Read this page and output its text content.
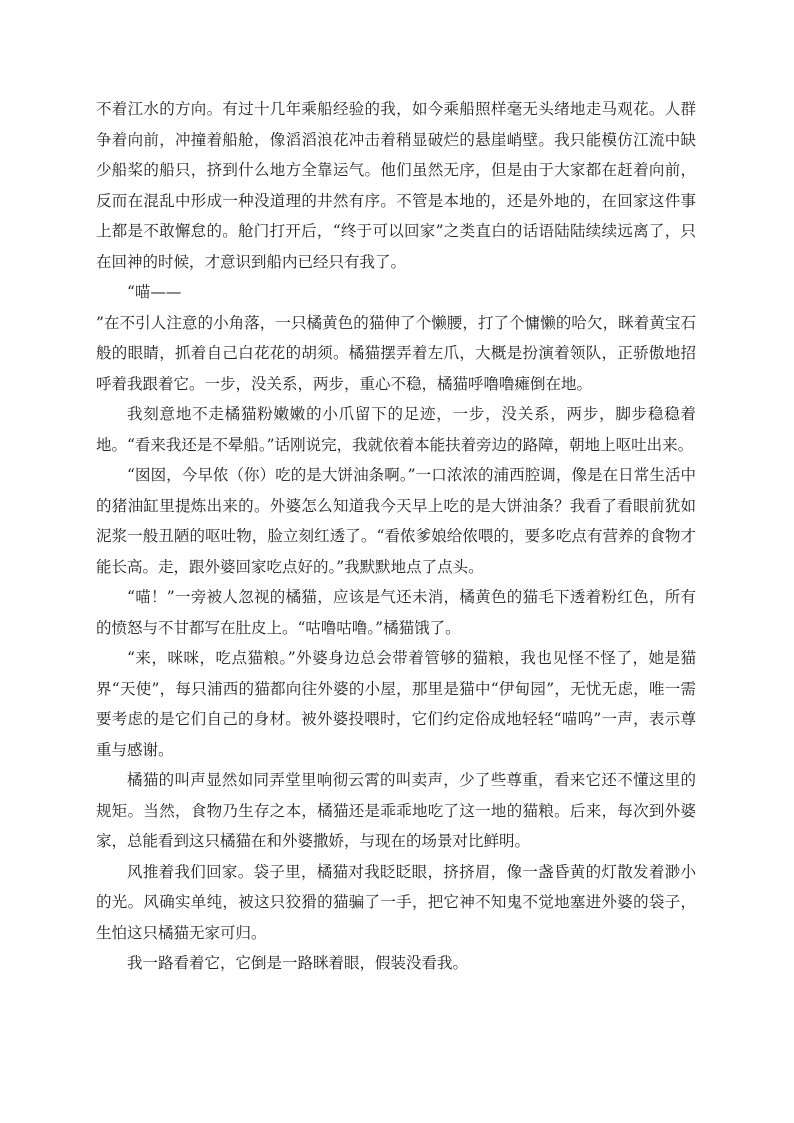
不着江水的方向。有过十几年乘船经验的我，如今乘船照样毫无头绪地走马观花。人群争着向前，冲撞着船舱，像滔滔浪花冲击着稍显破烂的悬崖峭壁。我只能模仿江流中缺少船桨的船只，挤到什么地方全靠运气。他们虽然无序，但是由于大家都在赶着向前，反而在混乱中形成一种没道理的井然有序。不管是本地的，还是外地的，在回家这件事上都是不敢懈怠的。舱门打开后，“终于可以回家”之类直白的话语陆陆续续远离了，只在回神的时候，才意识到船内已经只有我了。

“喵——

”在不引人注意的小角落，一只橘黄色的猫伸了个懒腰，打了个慵懒的哈欠，眯着黄宝石般的眼睛，抓着自己白花花的胡须。橘猫摆弄着左爪，大概是扮演着领队，正骄傲地招呼着我跟着它。一步，没关系，两步，重心不稳，橘猫呼噜噜瘫倒在地。

我刻意地不走橘猫粉嫩嫩的小爪留下的足迹，一步，没关系，两步，脚步稳稳着地。“看来我还是不晕船。”话刚说完，我就依着本能扶着旁边的路障，朝地上呕吐出来。

“囡囡，今早侬（你）吃的是大饼油条啊。”一口浓浓的浦西腔调，像是在日常生活中的猪油缸里提炼出来的。外婆怎么知道我今天早上吃的是大饼油条？我看了看眼前犹如泥浆一般丑陋的呕吐物，脸立刻红透了。“看侬爹娘给侬喂的，要多吃点有营养的食物才能长高。走，跟外婆回家吃点好的。”我默默地点了点头。

“喵！”一旁被人忽视的橘猫，应该是气还未消，橘黄色的猫毛下透着粉红色，所有的愤怒与不甘都写在肚皮上。“咕噜咕噜。”橘猫饿了。

“来，咪咪，吃点猫粮。”外婆身边总会带着管够的猫粮，我也见怪不怪了，她是猫界“天使”，每只浦西的猫都向往外婆的小屋，那里是猫中“伊甸园”，无忧无虑，唯一需要考虑的是它们自己的身材。被外婆投喂时，它们约定俗成地轻轻“喵呜”一声，表示尊重与感谢。

橘猫的叫声显然如同弄堂里响彻云霄的叫卖声，少了些尊重，看来它还不懂这里的规矩。当然，食物乃生存之本，橘猫还是乖乖地吃了这一地的猫粮。后来，每次到外婆家，总能看到这只橘猫在和外婆撒娇，与现在的场景对比鲜明。

风推着我们回家。袋子里，橘猫对我眨眨眼，挤挤眉，像一盏昏黄的灯散发着渺小的光。风确实单纯，被这只狡猾的猫骗了一手，把它神不知鬼不觉地塞进外婆的袋子，生怕这只橘猫无家可归。

我一路看着它，它倒是一路眯着眼，假装没看我。
